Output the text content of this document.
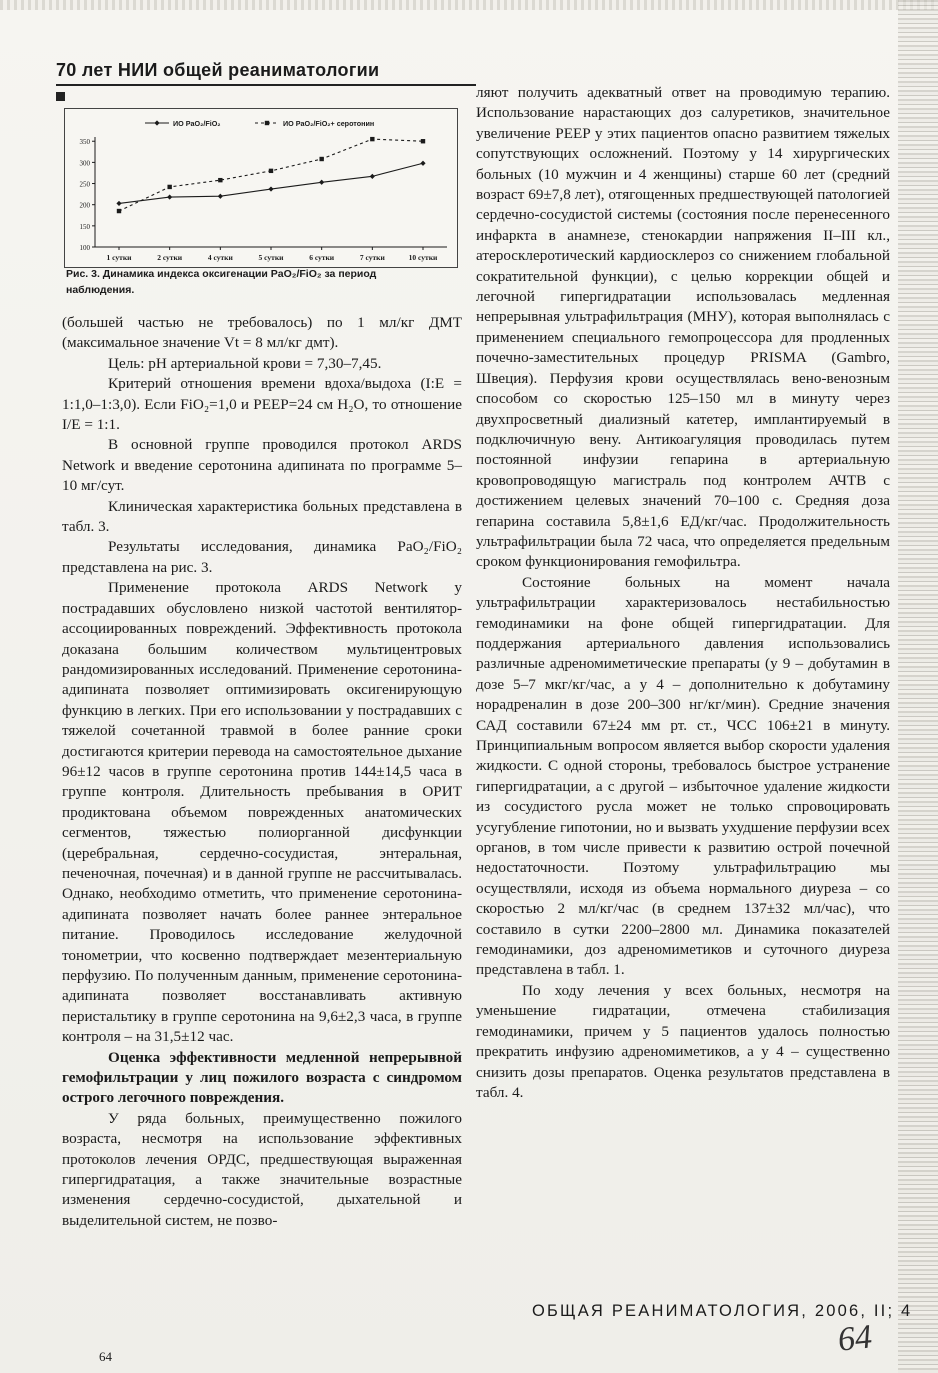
70 лет НИИ общей реаниматологии
ИО PaO₂/FiO₂	ИО PaO₂/FiO₂+ серотонин
100
150
200
250
300
350
1 сутки	2 сутки	4 сутки	5 сутки	6 сутки	7 сутки	10 сутки
Рис. 3. Динамика индекса оксигенации PaO₂/FiO₂ за период
наблюдения.

(большей частью не требовалось) по 1 мл/кг ДМТ (максимальное значение Vt = 8 мл/кг дмт).

Цель: pH артериальной крови = 7,30–7,45.

Критерий отношения времени вдоха/выдоха (I:E = 1:1,0–1:3,0). Если FiO₂=1,0 и PEEP=24 см H₂O, то отношение I/E = 1:1.

В основной группе проводился протокол ARDS Network и введение серотонина адипината по программе 5–10 мг/сут.

Клиническая характеристика больных представлена в табл. 3.

Результаты исследования, динамика PaO₂/FiO₂ представлена на рис. 3.

Применение протокола ARDS Network у пострадавших обусловлено низкой частотой вентилятор-ассоциированных повреждений. Эффективность протокола доказана большим количеством мультицентровых рандомизированных исследований. Применение серотонина-адипината позволяет оптимизировать оксигенирующую функцию в легких. При его использовании у пострадавших с тяжелой сочетанной травмой в более ранние сроки достигаются критерии перевода на самостоятельное дыхание 96±12 часов в группе серотонина против 144±14,5 часа в группе контроля. Длительность пребывания в ОРИТ продиктована объемом поврежденных анатомических сегментов, тяжестью полиорганной дисфункции (церебральная, сердечно-сосудистая, энтеральная, печеночная, почечная) и в данной группе не рассчитывалась. Однако, необходимо отметить, что применение серотонина-адипината позволяет начать более раннее энтеральное питание. Проводилось исследование желудочной тонометрии, что косвенно подтверждает мезентериальную перфузию. По полученным данным, применение серотонина-адипината позволяет восстанавливать активную перистальтику в группе серотонина на 9,6±2,3 часа, в группе контроля – на 31,5±12 час.

Оценка эффективности медленной непрерывной гемофильтрации у лиц пожилого возраста с синдромом острого легочного повреждения.

У ряда больных, преимущественно пожилого возраста, несмотря на использование эффективных протоколов лечения ОРДС, предшествующая выраженная гипергидратация, а также значительные возрастные изменения сердечно-сосудистой, дыхательной и выделительной систем, не позво-

ляют получить адекватный ответ на проводимую терапию. Использование нарастающих доз салуретиков, значительное увеличение PEEP у этих пациентов опасно развитием тяжелых сопутствующих осложнений. Поэтому у 14 хирургических больных (10 мужчин и 4 женщины) старше 60 лет (средний возраст 69±7,8 лет), отягощенных предшествующей патологией сердечно-сосудистой системы (состояния после перенесенного инфаркта в анамнезе, стенокардии напряжения II–III кл., атеросклеротический кардиосклероз со снижением глобальной сократительной функции), с целью коррекции общей и легочной гипергидратации использовалась медленная непрерывная ультрафильтрация (МНУ), которая выполнялась с применением специального гемопроцессора для продленных почечно-заместительных процедур PRISMA (Gambro, Швеция). Перфузия крови осуществлялась вено-венозным способом со скоростью 125–150 мл в минуту через двухпросветный диализный катетер, имплантируемый в подключичную вену. Антикоагуляция проводилась путем постоянной инфузии гепарина в артериальную кровопроводящую магистраль под контролем АЧТВ с достижением целевых значений 70–100 с. Средняя доза гепарина составила 5,8±1,6 ЕД/кг/час. Продолжительность ультрафильтрации была 72 часа, что определяется предельным сроком функционирования гемофильтра.

Состояние больных на момент начала ультрафильтрации характеризовалось нестабильностью гемодинамики на фоне общей гипергидратации. Для поддержания артериального давления использовались различные адреномиметические препараты (у 9 – добутамин в дозе 5–7 мкг/кг/час, а у 4 – дополнительно к добутамину норадреналин в дозе 200–300 нг/кг/мин). Средние значения САД составили 67±24 мм рт. ст., ЧСС 106±21 в минуту. Принципиальным вопросом является выбор скорости удаления жидкости. С одной стороны, требовалось быстрое устранение гипергидратации, а с другой – избыточное удаление жидкости из сосудистого русла может не только спровоцировать усугубление гипотонии, но и вызвать ухудшение перфузии всех органов, в том числе привести к развитию острой почечной недостаточности. Поэтому ультрафильтрацию мы осуществляли, исходя из объема нормального диуреза – со скоростью 2 мл/кг/час (в среднем 137±32 мл/час), что составило в сутки 2200–2800 мл. Динамика показателей гемодинамики, доз адреномиметиков и суточного диуреза представлена в табл. 1.

По ходу лечения у всех больных, несмотря на уменьшение гидратации, отмечена стабилизация гемодинамики, причем у 5 пациентов удалось полностью прекратить инфузию адреномиметиков, а у 4 – существенно снизить дозы препаратов. Оценка результатов представлена в табл. 4.

ОБЩАЯ РЕАНИМАТОЛОГИЯ, 2006, II; 4
64	64
